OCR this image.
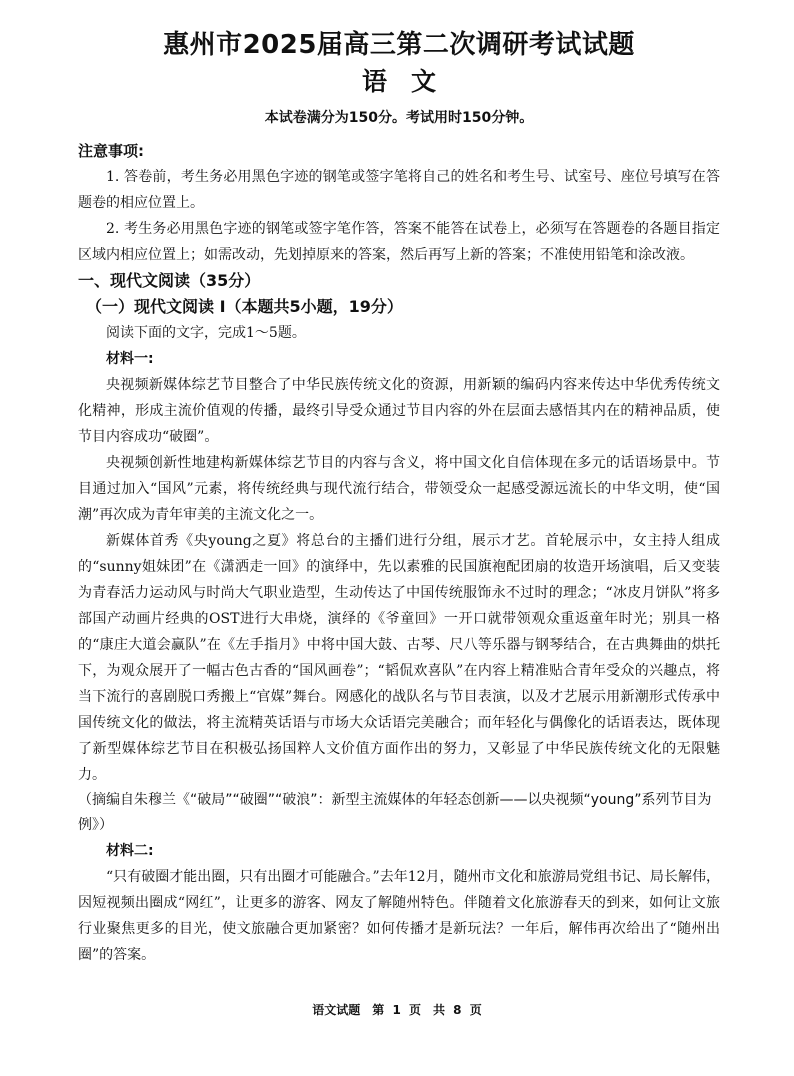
惠州市2025届高三第二次调研考试试题
语文
本试卷满分为150分。考试用时150分钟。
注意事项:

1. 答卷前，考生务必用黑色字迹的钢笔或签字笔将自己的姓名和考生号、试室号、座位号填写在答题卷的相应位置上。

2. 考生务必用黑色字迹的钢笔或签字笔作答，答案不能答在试卷上，必须写在答题卷的各题目指定区域内相应位置上；如需改动，先划掉原来的答案，然后再写上新的答案；不准使用铅笔和涂改液。

一、现代文阅读（35分）
（一）现代文阅读 I（本题共5小题，19分）

阅读下面的文字，完成1～5题。

材料一:

央视频新媒体综艺节目整合了中华民族传统文化的资源，用新颖的编码内容来传达中华优秀传统文化精神，形成主流价值观的传播，最终引导受众通过节目内容的外在层面去感悟其内在的精神品质，使节目内容成功“破圈”。

央视频创新性地建构新媒体综艺节目的内容与含义，将中国文化自信体现在多元的话语场景中。节目通过加入“国风”元素，将传统经典与现代流行结合，带领受众一起感受源远流长的中华文明，使“国潮”再次成为青年审美的主流文化之一。

新媒体首秀《央young之夏》将总台的主播们进行分组，展示才艺。首轮展示中，女主持人组成的“sunny姐妹团”在《潇洒走一回》的演绎中，先以素雅的民国旗袍配团扇的妆造开场演唱，后又变装为青春活力运动风与时尚大气职业造型，生动传达了中国传统服饰永不过时的理念；“冰皮月饼队”将多部国产动画片经典的OST进行大串烧，演绎的《爷童回》一开口就带领观众重返童年时光；别具一格的“康庄大道会赢队”在《左手指月》中将中国大鼓、古琴、尺八等乐器与钢琴结合，在古典舞曲的烘托下，为观众展开了一幅古色古香的“国风画卷”；“韬侃欢喜队”在内容上精准贴合青年受众的兴趣点，将当下流行的喜剧脱口秀搬上“官媒”舞台。网感化的战队名与节目表演，以及才艺展示用新潮形式传承中国传统文化的做法，将主流精英话语与市场大众话语完美融合；而年轻化与偶像化的话语表达，既体现了新型媒体综艺节目在积极弘扬国粹人文价值方面作出的努力，又彰显了中华民族传统文化的无限魅力。

（摘编自朱穆兰《“破局”“破圈”“破浪”：新型主流媒体的年轻态创新——以央视频“young”系列节目为例》）

材料二:

“只有破圈才能出圈，只有出圈才可能融合。”去年12月，随州市文化和旅游局党组书记、局长解伟，因短视频出圈成“网红”，让更多的游客、网友了解随州特色。伴随着文化旅游春天的到来，如何让文旅行业聚焦更多的目光，使文旅融合更加紧密？如何传播才是新玩法？一年后，解伟再次给出了“随州出圈”的答案。

语文试题　第 1 页　共 8 页
